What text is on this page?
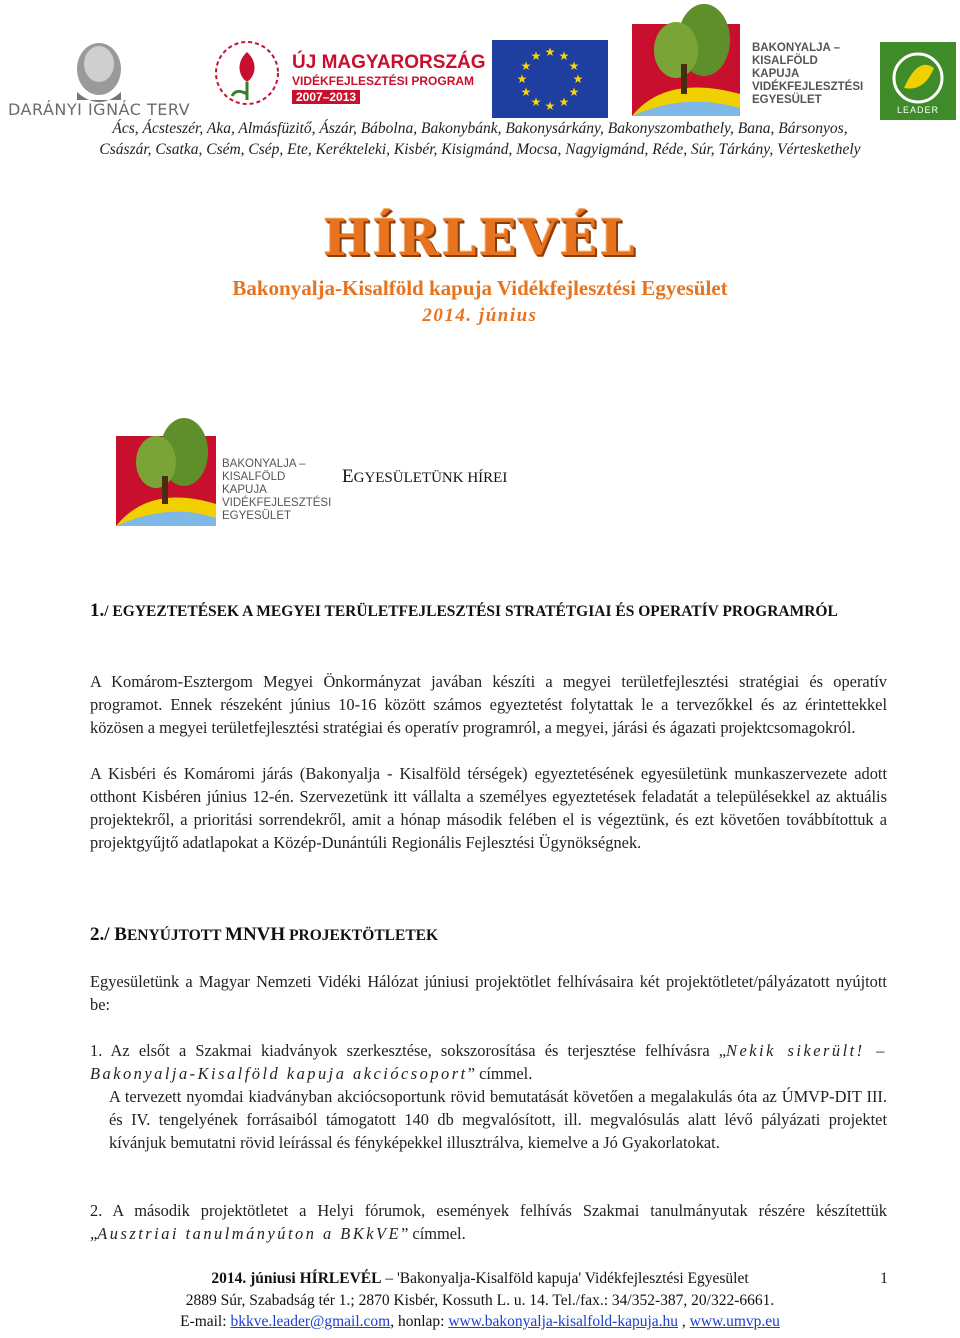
DARÁNYI IGNÁC TERV
ÚJ MAGYARORSZÁG
VIDÉKFEJLESZTÉSI PROGRAM
2007–2013
★ ★
★
★
★
★
★
★
★
★
★
★
BAKONYALJA –
KISALFÖLD
KAPUJA
VIDÉKFEJLESZTÉSI
EGYESÜLET
LEADER
Ács, Ácsteszér, Aka, Almásfüzitő, Ászár, Bábolna, Bakonybánk, Bakonysárkány, Bakonyszombathely, Bana, Bársonyos,
Császár, Csatka, Csém, Csép, Ete, Kerékteleki, Kisbér, Kisigmánd, Mocsa, Nagyigmánd, Réde, Súr, Tárkány, Vérteskethely
HÍRLEVÉL
Bakonyalja-Kisalföld kapuja Vidékfejlesztési Egyesület
2014. június
BAKONYALJA –
KISALFÖLD
KAPUJA
VIDÉKFEJLESZTÉSI
EGYESÜLET
EGYESÜLETÜNK HÍREI
1./ EGYEZTETÉSEK A MEGYEI TERÜLETFEJLESZTÉSI STRATÉTGIAI ÉS OPERATÍV PROGRAMRÓL

A Komárom-Esztergom Megyei Önkormányzat javában készíti a megyei területfejlesztési stratégiai és operatív programot. Ennek részeként június 10-16 között számos egyeztetést folytattak le a tervezőkkel és az érintettekkel közösen a megyei területfejlesztési stratégiai és operatív programról, a megyei, járási és ágazati projektcsomagokról.

A Kisbéri és Komáromi járás (Bakonyalja - Kisalföld térségek) egyeztetésének egyesületünk munkaszervezete adott otthont Kisbéren június 12-én. Szervezetünk itt vállalta a személyes egyeztetések feladatát a településekkel az aktuális projektekről, a prioritási sorrendekről, amit a hónap második felében el is végeztünk, és ezt követően továbbítottuk a projektgyűjtő adatlapokat a Közép-Dunántúli Regionális Fejlesztési Ügynökségnek.

2./ BENYÚJTOTT MNVH PROJEKTÖTLETEK

Egyesületünk a Magyar Nemzeti Vidéki Hálózat júniusi projektötlet felhívásaira két projektötletet/pályázatott nyújtott be:

1. Az elsőt a Szakmai kiadványok szerkesztése, sokszorosítása és terjesztése felhívásra „Nekik sikerült! – Bakonyalja-Kisalföld kapuja akciócsoport” címmel.

A tervezett nyomdai kiadványban akciócsoportunk rövid bemutatását követően a megalakulás óta az ÚMVP-DIT III. és IV. tengelyének forrásaiból támogatott 140 db megvalósított, ill. megvalósulás alatt lévő pályázati projektet kívánjuk bemutatni rövid leírással és fényképekkel illusztrálva, kiemelve a Jó Gyakorlatokat.

2. A második projektötletet a Helyi fórumok, események felhívás Szakmai tanulmányutak részére készítettük „Ausztriai tanulmányúton a BKkVE” címmel.

2014. júniusi HÍRLEVÉL – 'Bakonyalja-Kisalföld kapuja' Vidékfejlesztési Egyesület	1
2889 Súr, Szabadság tér 1.; 2870 Kisbér, Kossuth L. u. 14. Tel./fax.: 34/352-387, 20/322-6661.
E-mail: bkkve.leader@gmail.com, honlap: www.bakonyalja-kisalfold-kapuja.hu , www.umvp.eu
